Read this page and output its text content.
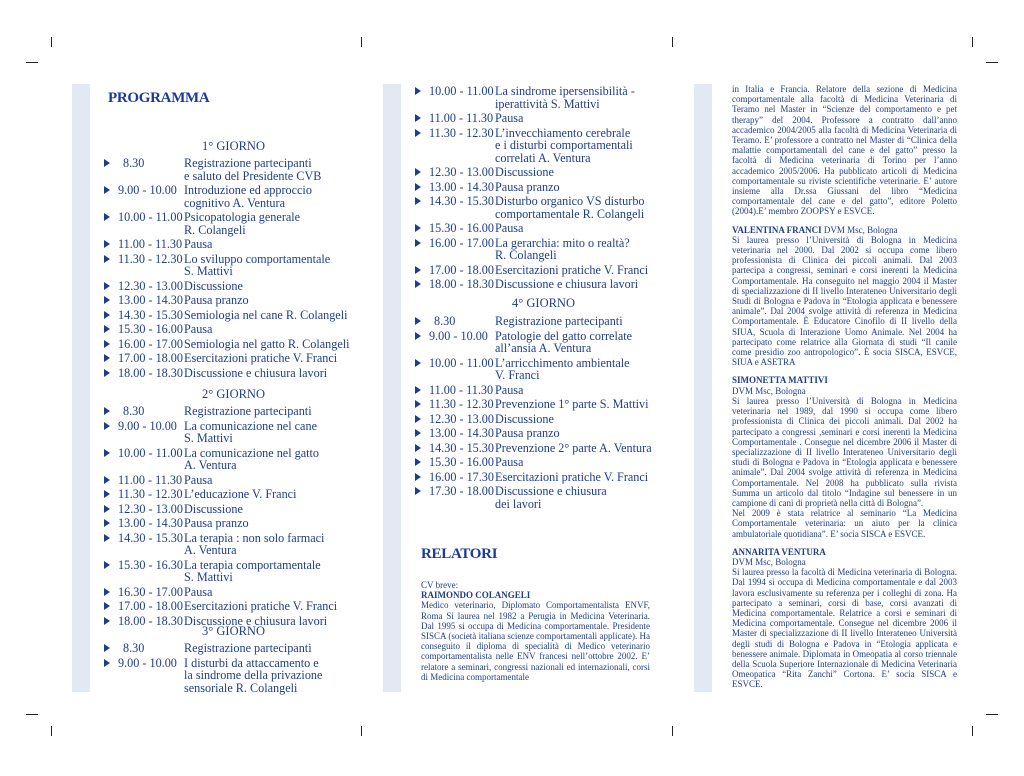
PROGRAMMA
1° GIORNO
8.30	Registrazione partecipanti
e saluto del Presidente CVB
9.00 - 10.00 Introduzione ed approccio
cognitivo A. Ventura
10.00 - 11.00 Psicopatologia generale
R. Colangeli
11.00 - 11.30 Pausa
11.30 - 12.30 Lo sviluppo comportamentale
S. Mattivi
12.30 - 13.00 Discussione
13.00 - 14.30 Pausa pranzo
14.30 - 15.30 Semiologia nel cane R. Colangeli
15.30 - 16.00 Pausa
16.00 - 17.00 Semiologia nel gatto R. Colangeli
17.00 - 18.00 Esercitazioni pratiche V. Franci
18.00 - 18.30 Discussione e chiusura lavori
2° GIORNO
8.30	Registrazione partecipanti
9.00 - 10.00 La comunicazione nel cane
S. Mattivi
10.00 - 11.00 La comunicazione nel gatto
A. Ventura
11.00 - 11.30 Pausa
11.30 - 12.30 L’educazione V. Franci
12.30 - 13.00 Discussione
13.00 - 14.30 Pausa pranzo
14.30 - 15.30 La terapia : non solo farmaci
A. Ventura
15.30 - 16.30 La terapia comportamentale
S. Mattivi
16.30 - 17.00 Pausa
17.00 - 18.00 Esercitazioni pratiche V. Franci
18.00 - 18.30 Discussione e chiusura lavori
3° GIORNO
8.30	Registrazione partecipanti
9.00 - 10.00 I disturbi da attaccamento e
la sindrome della privazione
sensoriale R. Colangeli
RELATORI

CV breve:

RAIMONDO COLANGELI

Medico veterinario, Diplomato Comportamentalista ENVF, Roma Si laurea nel 1982 a Perugia in Medicina Veterinaria. Dal 1995 si occupa di Medicina comportamentale. Presidente SISCA (società italiana scienze comportamentali applicate). Ha conseguito il diploma di specialità di Medico veterinario comportamentalista nelle ENV francesi nell’ottobre 2002. E’ relatore a seminari, congressi nazionali ed internazionali, corsi di Medicina comportamentale

10.00 - 11.00 La sindrome ipersensibilità -
iperattività S. Mattivi
11.00 - 11.30 Pausa
11.30 - 12.30 L’invecchiamento cerebrale
e i disturbi comportamentali
correlati A. Ventura
12.30 - 13.00 Discussione
13.00 - 14.30 Pausa pranzo
14.30 - 15.30 Disturbo organico VS disturbo
comportamentale R. Colangeli
15.30 - 16.00 Pausa
16.00 - 17.00 La gerarchia: mito o realtà?
R. Colangeli
17.00 - 18.00 Esercitazioni pratiche V. Franci
18.00 - 18.30 Discussione e chiusura lavori
4° GIORNO
8.30	Registrazione partecipanti
9.00 - 10.00 Patologie del gatto correlate
all’ansia A. Ventura
10.00 - 11.00 L’arricchimento ambientale
V. Franci
11.00 - 11.30 Pausa
11.30 - 12.30 Prevenzione 1° parte S. Mattivi
12.30 - 13.00 Discussione
13.00 - 14.30 Pausa pranzo
14.30 - 15.30 Prevenzione 2° parte A. Ventura
15.30 - 16.00 Pausa
16.00 - 17.30 Esercitazioni pratiche V. Franci
17.30 - 18.00 Discussione e chiusura
dei lavori

in Italia e Francia. Relatore della sezione di Medicina comportamentale alla facoltà di Medicina Veterinaria di Teramo nel Master in “Scienze del comportamento e pet therapy” del 2004. Professore a contratto dall’anno accademico 2004/2005 alla facoltà di Medicina Veterinaria di Teramo. E’ professore a contratto nel Master di “Clinica della malattie comportamentali del cane e del gatto” presso la facoltà di Medicina veterinaria di Torino per l’anno accademico 2005/2006. Ha pubblicato articoli di Medicina comportamentale su riviste scientifiche veterinarie. E’ autore insieme alla Dr.ssa Giussani del libro “Medicina comportamentale del cane e del gatto”, editore Poletto (2004).E’ membro ZOOPSY e ESVCE.

VALENTINA FRANCI DVM Msc, Bologna

Si laurea presso l’Università di Bologna in Medicina veterinaria nel 2000. Dal 2002 si occupa come libero professionista di Clinica dei piccoli animali. Dal 2003 partecipa a congressi, seminari e corsi inerenti la Medicina Comportamentale. Ha conseguito nel maggio 2004 il Master di specializzazione di II livello Interateneo Universitario degli Studi di Bologna e Padova in “Etologia applicata e benessere animale”. Dal 2004 svolge attività di referenza in Medicina Comportamentale. È Educatore Cinofilo di II livello della SIUA, Scuola di Interazione Uomo Animale. Nel 2004 ha partecipato come relatrice alla Giornata di studi “Il canile come presidio zoo antropologico”. È socia SISCA, ESVCE, SIUA e ASETRA

SIMONETTA MATTIVI

DVM Msc, Bologna

Si laurea presso l’Università di Bologna in Medicina veterinaria nel 1989, dal 1990 si occupa come libero professionista di Clinica dei piccoli animali. Dal 2002 ha partecipato a congressi ,seminari e corsi inerenti la Medicina Comportamentale . Consegue nel dicembre 2006 il Master di specializzazione di II livello Interateneo Universitario degli studi di Bologna e Padova in “Etologia applicata e benessere animale”. Dal 2004 svolge attività di referenza in Medicina Comportamentale. Nel 2008 ha pubblicato sulla rivista Summa un articolo dal titolo “Indagine sul benessere in un campione di cani di proprietà nella città di Bologna”.

Nel 2009 è stata relatrice al seminario “La Medicina Comportamentale veterinaria: un aiuto per la clinica ambulatoriale quotidiana”. E’ socia SISCA e ESVCE.

ANNARITA VENTURA

DVM Msc, Bologna

Si laurea presso la facoltà di Medicina veterinaria di Bologna. Dal 1994 si occupa di Medicina comportamentale e dal 2003 lavora esclusivamente su referenza per i colleghi di zona. Ha partecipato a seminari, corsi di base, corsi avanzati di Medicina comportamentale. Relatrice a corsi e seminari di Medicina comportamentale. Consegue nel dicembre 2006 il Master di specializzazione di II livello Interateneo Università degli studi di Bologna e Padova in “Etologia applicata e benessere animale. Diplomata in Omeopatia al corso triennale della Scuola Superiore Internazionale di Medicina Veterinaria Omeopatica “Rita Zanchi” Cortona. E’ socia SISCA e ESVCE.
